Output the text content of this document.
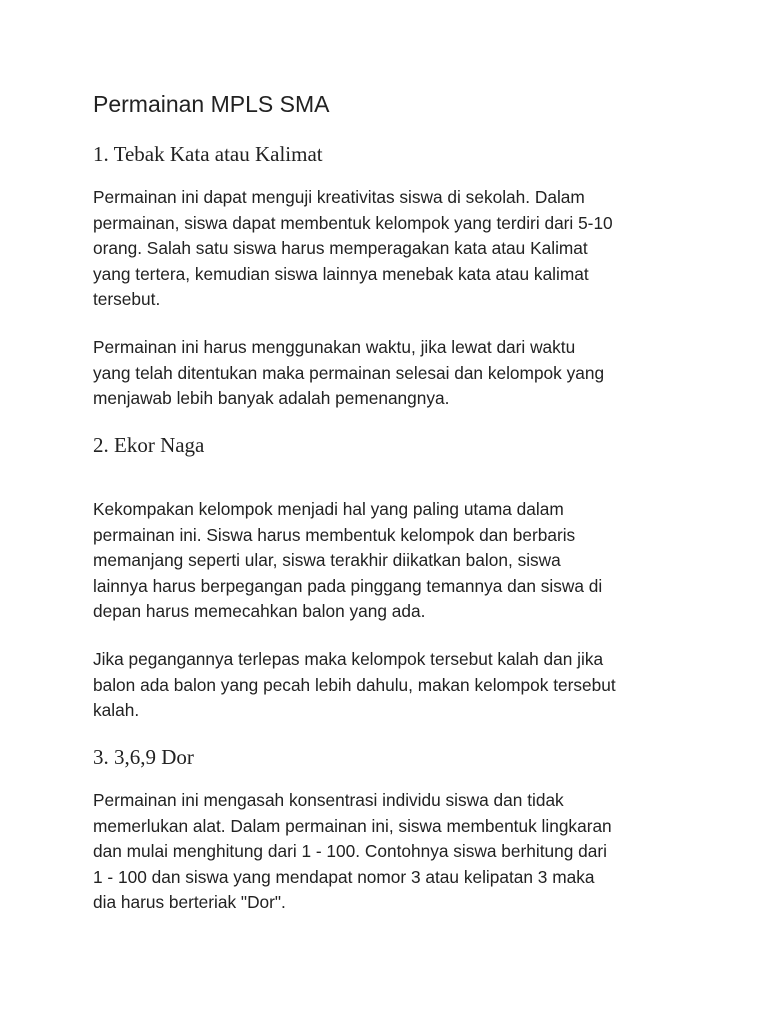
Permainan MPLS SMA
1. Tebak Kata atau Kalimat

Permainan ini dapat menguji kreativitas siswa di sekolah. Dalam
permainan, siswa dapat membentuk kelompok yang terdiri dari 5-10
orang. Salah satu siswa harus memperagakan kata atau Kalimat
yang tertera, kemudian siswa lainnya menebak kata atau kalimat
tersebut.

Permainan ini harus menggunakan waktu, jika lewat dari waktu
yang telah ditentukan maka permainan selesai dan kelompok yang
menjawab lebih banyak adalah pemenangnya.

2. Ekor Naga

Kekompakan kelompok menjadi hal yang paling utama dalam
permainan ini. Siswa harus membentuk kelompok dan berbaris
memanjang seperti ular, siswa terakhir diikatkan balon, siswa
lainnya harus berpegangan pada pinggang temannya dan siswa di
depan harus memecahkan balon yang ada.

Jika pegangannya terlepas maka kelompok tersebut kalah dan jika
balon ada balon yang pecah lebih dahulu, makan kelompok tersebut
kalah.

3. 3,6,9 Dor

Permainan ini mengasah konsentrasi individu siswa dan tidak
memerlukan alat. Dalam permainan ini, siswa membentuk lingkaran
dan mulai menghitung dari 1 - 100. Contohnya siswa berhitung dari
1 - 100 dan siswa yang mendapat nomor 3 atau kelipatan 3 maka
dia harus berteriak "Dor".
